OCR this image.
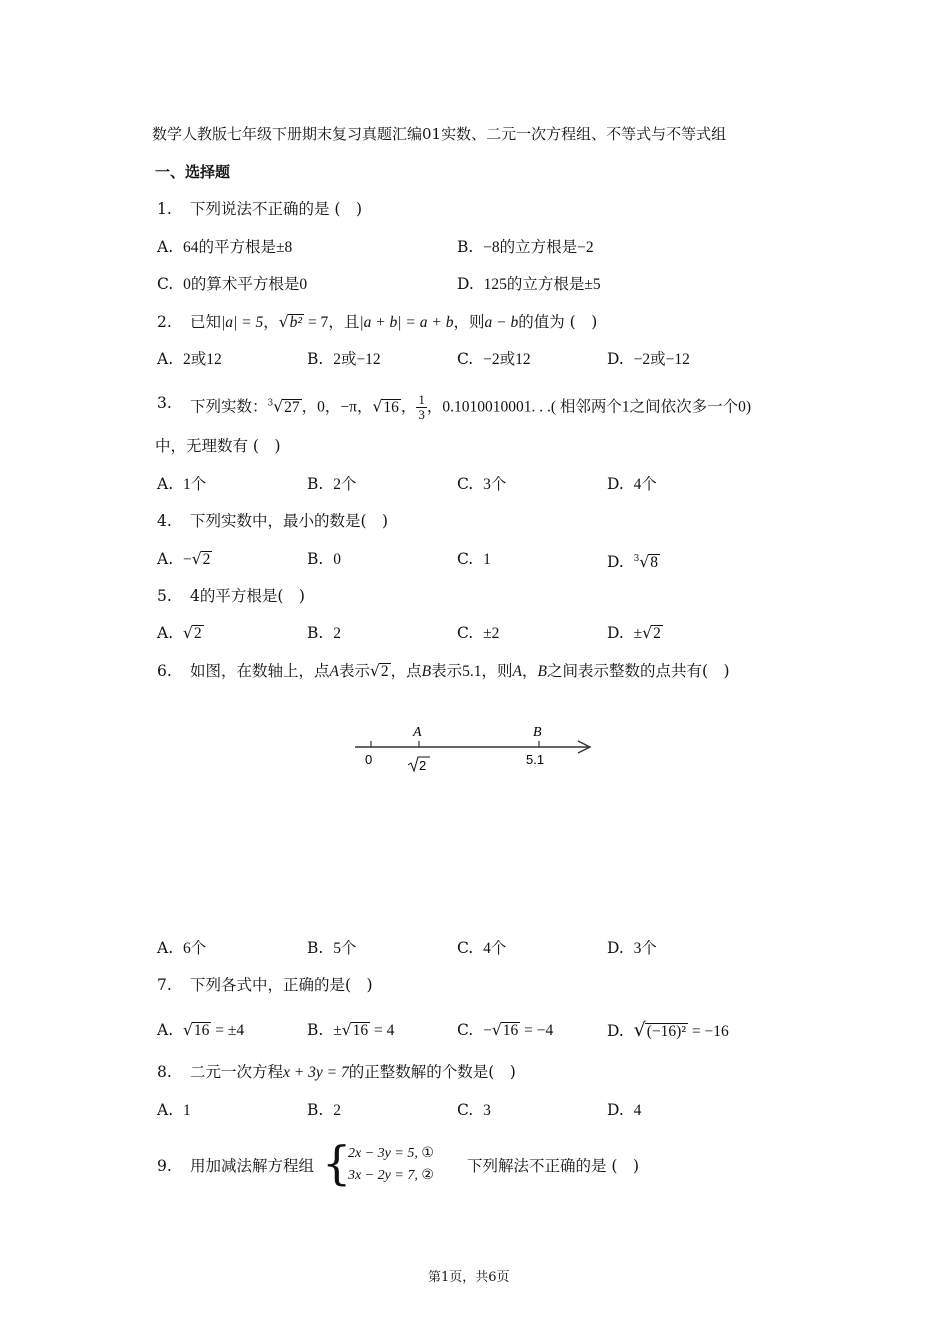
数学人教版七年级下册期末复习真题汇编01实数、二元一次方程组、不等式与不等式组
一、选择题
1. 下列说法不正确的是 (　)
A. 64的平方根是±8	B. −8的立方根是−2
C. 0的算术平方根是0	D. 125的立方根是±5
2. 已知|a| = 5，√b² = 7，且|a + b| = a + b，则a − b的值为 (　)
A. 2或12	B. 2或−12	C. −2或12	D. −2或−12
3. 下列实数：$^3$√27 ，0，−π，√16 ， $\frac{1}{3}$ ，0.1010010001. . .( 相邻两个1之间依次多一个0)
中，无理数有 (　)
A. 1个	B. 2个	C. 3个	D. 4个
4. 下列实数中，最小的数是(　)
A. −√2	B. 0	C. 1	D. $^3$√8
5. 4的平方根是(　)
A.  √2	B. 2	C. ±2	D. ±√2
6. 如图，在数轴上，点A表示√2 ，点B表示5.1，则A，B之间表示整数的点共有(　)
A	B
0	2	5.1
A. 6个	B. 5个	C. 4个	D. 3个
7. 下列各式中，正确的是(　)
A.  √16 = ±4	B. ±√16 = 4	C. −√16 = −4	D. √(−16)² = −16
8. 二元一次方程x + 3y = 7的正整数解的个数是(　)
A. 1	B. 2	C. 3	D. 4
9. 用加减法解方程组 {
2x − 3y = 5, ①
3x − 2y = 7, ② 下列解法不正确的是 (　)
第1页，共6页
